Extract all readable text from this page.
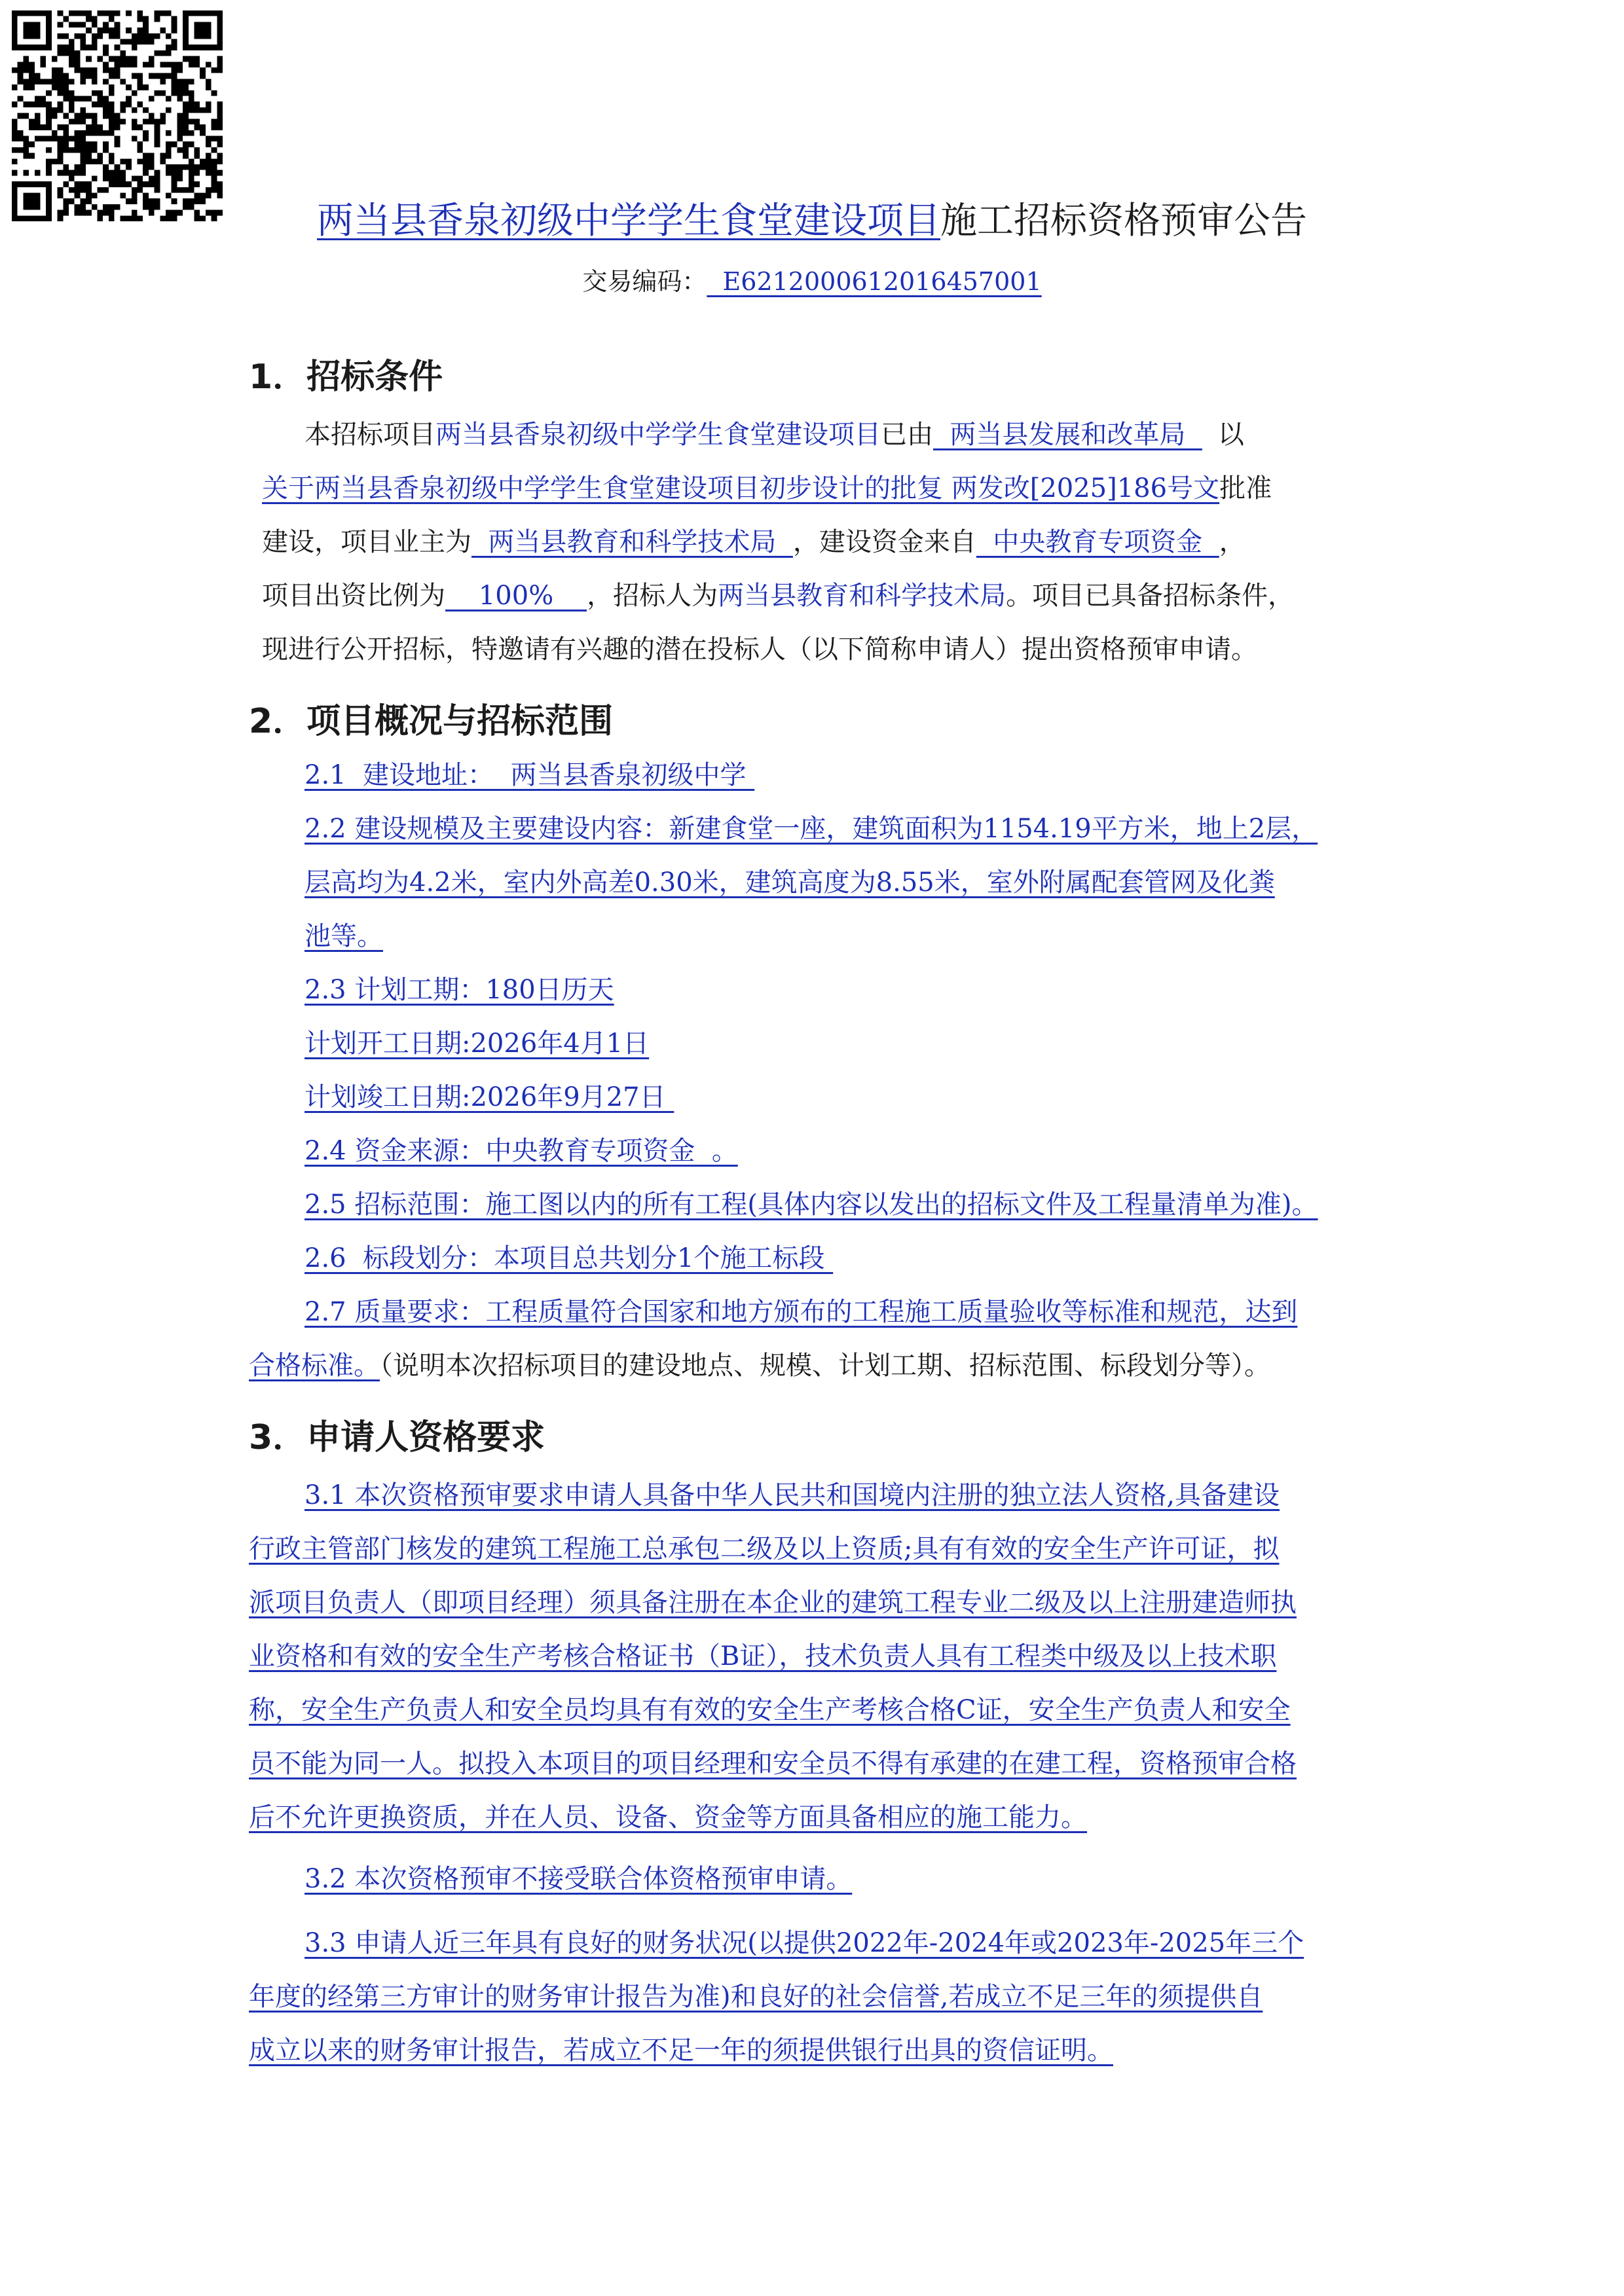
两当县香泉初级中学学生食堂建设项目施工招标资格预审公告
交易编码：  E6212000612016457001
1．招标条件
本招标项目两当县香泉初级中学学生食堂建设项目已由  两当县发展和改革局  以
关于两当县香泉初级中学学生食堂建设项目初步设计的批复 两发改[2025]186号文批准
建设，项目业主为  两当县教育和科学技术局  ，建设资金来自  中央教育专项资金  ，
项目出资比例为    100%    ，招标人为两当县教育和科学技术局。项目已具备招标条件，
现进行公开招标，特邀请有兴趣的潜在投标人（以下简称申请人）提出资格预审申请。
2．项目概况与招标范围
2.1  建设地址：  两当县香泉初级中学
2.2 建设规模及主要建设内容：新建食堂一座，建筑面积为1154.19平方米，地上2层，
层高均为4.2米，室内外高差0.30米，建筑高度为8.55米，室外附属配套管网及化粪
池等。
2.3 计划工期：180日历天
计划开工日期:2026年4月1日
计划竣工日期:2026年9月27日
2.4 资金来源：中央教育专项资金  。
2.5 招标范围：施工图以内的所有工程(具体内容以发出的招标文件及工程量清单为准)。
2.6  标段划分：本项目总共划分1个施工标段
2.7 质量要求：工程质量符合国家和地方颁布的工程施工质量验收等标准和规范，达到
合格标准。（说明本次招标项目的建设地点、规模、计划工期、招标范围、标段划分等）。
3．申请人资格要求
3.1 本次资格预审要求申请人具备中华人民共和国境内注册的独立法人资格,具备建设
行政主管部门核发的建筑工程施工总承包二级及以上资质;具有有效的安全生产许可证，拟
派项目负责人（即项目经理）须具备注册在本企业的建筑工程专业二级及以上注册建造师执
业资格和有效的安全生产考核合格证书（B证），技术负责人具有工程类中级及以上技术职
称，安全生产负责人和安全员均具有有效的安全生产考核合格C证，安全生产负责人和安全
员不能为同一人。拟投入本项目的项目经理和安全员不得有承建的在建工程，资格预审合格
后不允许更换资质，并在人员、设备、资金等方面具备相应的施工能力。
3.2 本次资格预审不接受联合体资格预审申请。
3.3 申请人近三年具有良好的财务状况(以提供2022年-2024年或2023年-2025年三个
年度的经第三方审计的财务审计报告为准)和良好的社会信誉,若成立不足三年的须提供自
成立以来的财务审计报告，若成立不足一年的须提供银行出具的资信证明。
